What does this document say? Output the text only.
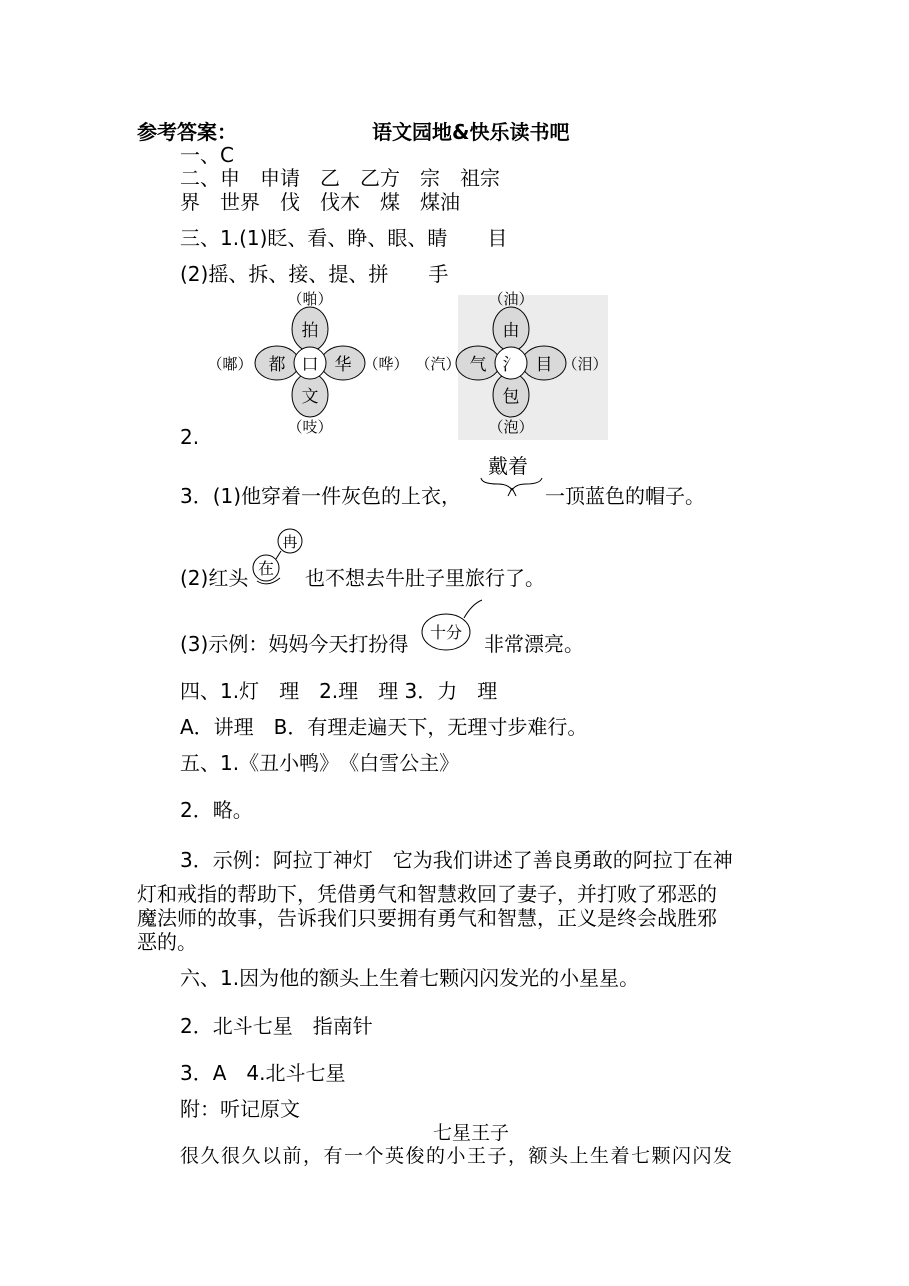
参考答案：	语文园地&快乐读书吧
一、C
二、申　申请　乙　乙方　宗　祖宗
界　世界　伐　伐木　煤　煤油
三、1.(1)眨、看、睁、眼、睛　　目
(2)摇、拆、接、提、拼　　手
拍
文
都	华
口
（啪）
（吱）
（嘟）	（哗）
由
包
气	目
氵
（油）
（泡）
（汽）	（泪）
2.
3．(1)他穿着一件灰色的上衣，
戴着
一顶蓝色的帽子。
(2)红头 在
冉
也不想去牛肚子里旅行了。
(3)示例：妈妈今天打扮得 十分 非常漂亮。
四、1.灯　理　2.理　理 3．力　理
A．讲理　B．有理走遍天下，无理寸步难行。
五、1.《丑小鸭》　《白雪公主》
2．略。
3．示例：阿拉丁神灯　它为我们讲述了善良勇敢的阿拉丁在神
灯和戒指的帮助下，凭借勇气和智慧救回了妻子，并打败了邪恶的
魔法师的故事，告诉我们只要拥有勇气和智慧，正义是终会战胜邪
恶的。
六、1.因为他的额头上生着七颗闪闪发光的小星星。
2．北斗七星　指南针
3．A　4.北斗七星
附：听记原文
七星王子
很久很久以前，有一个英俊的小王子，额头上生着七颗闪闪发
